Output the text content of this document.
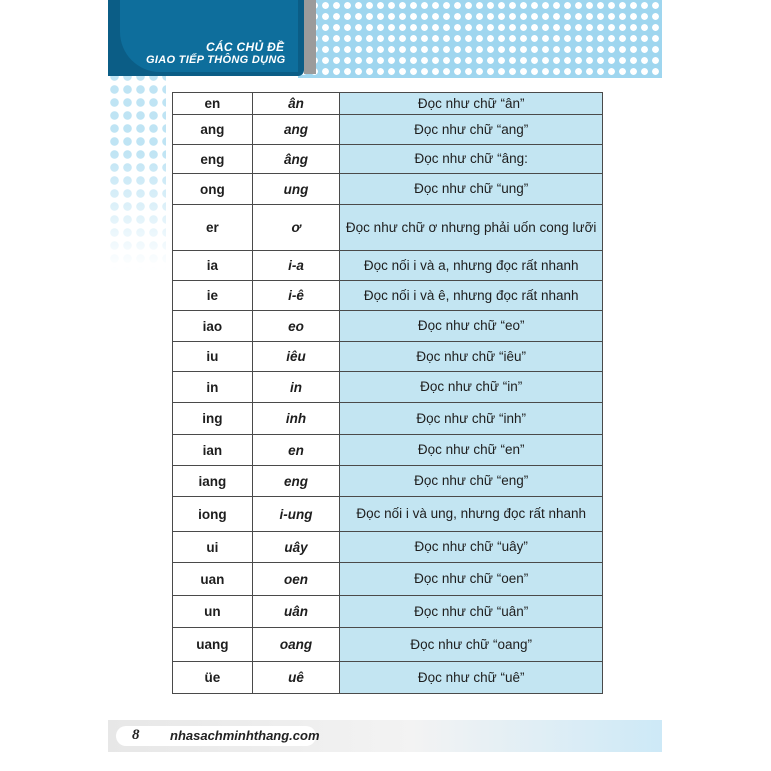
CÁC CHỦ ĐỀ
GIAO TIẾP THÔNG DỤNG
en	ân	Đọc như chữ “ân”
ang	ang	Đọc như chữ “ang”
eng	âng	Đọc như chữ “âng:
ong	ung	Đọc như chữ “ung”
er	ơ	Đọc như chữ ơ nhưng phải uốn cong lưỡi
ia	i-a	Đọc nối i và a, nhưng đọc rất nhanh
ie	i-ê	Đọc nối i và ê, nhưng đọc rất nhanh
iao	eo	Đọc như chữ “eo”
iu	iêu	Đọc như chữ “iêu”
in	in	Đọc như chữ “in”
ing	inh	Đọc như chữ “inh”
ian	en	Đọc như chữ “en”
iang	eng	Đọc như chữ “eng”
iong	i-ung	Đọc nối i và ung, nhưng đọc rất nhanh
ui	uây	Đọc như chữ “uây”
uan	oen	Đọc như chữ “oen”
un	uân	Đọc như chữ “uân”
uang	oang	Đọc như chữ “oang”
üe	uê	Đọc như chữ “uê”
8 nhasachminhthang.com
